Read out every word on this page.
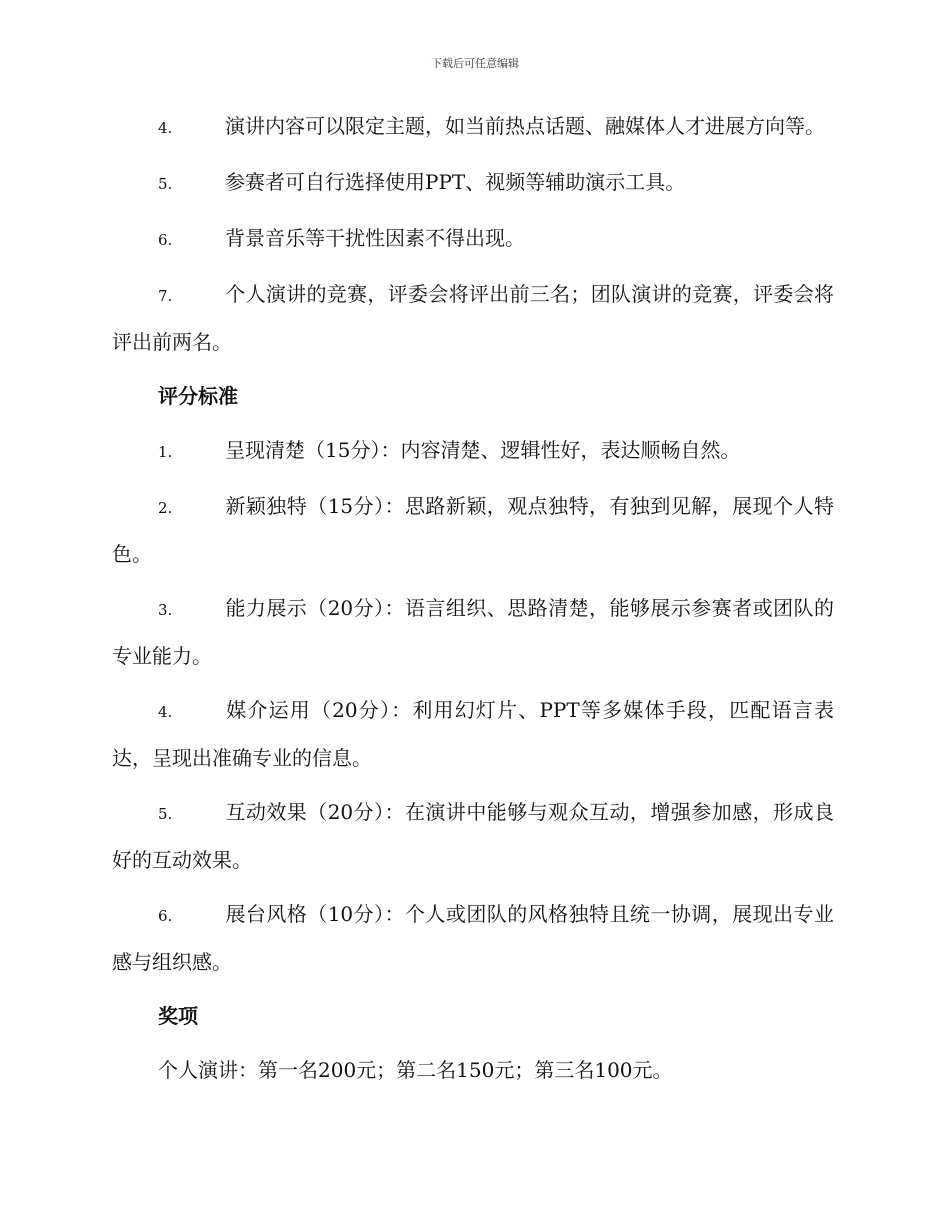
下载后可任意编辑

4.	演讲内容可以限定主题，如当前热点话题、融媒体人才进展方向等。

5.	参赛者可自行选择使用PPT、视频等辅助演示工具。

6.	背景音乐等干扰性因素不得出现。

7.	个人演讲的竞赛，评委会将评出前三名；团队演讲的竞赛，评委会将评出前两名。

评分标准

1.	呈现清楚（15分）：内容清楚、逻辑性好，表达顺畅自然。

2.	新颖独特（15分）：思路新颖，观点独特，有独到见解，展现个人特色。

3.	能力展示（20分）：语言组织、思路清楚，能够展示参赛者或团队的专业能力。

4.	媒介运用（20分）：利用幻灯片、PPT等多媒体手段，匹配语言表达，呈现出准确专业的信息。

5.	互动效果（20分）：在演讲中能够与观众互动，增强参加感，形成良好的互动效果。

6.	展台风格（10分）：个人或团队的风格独特且统一协调，展现出专业感与组织感。

奖项

个人演讲：第一名200元；第二名150元；第三名100元。
